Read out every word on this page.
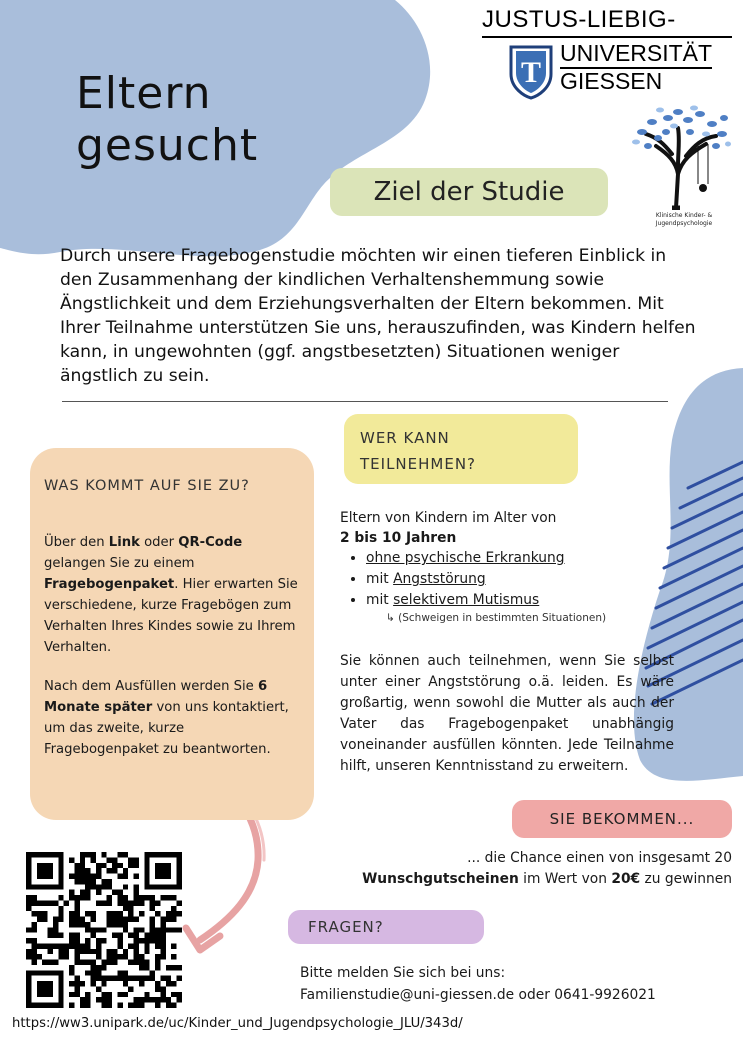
JUSTUS-LIEBIG-
T
UNIVERSITÄT
GIESSEN
Klinische Kinder- &
Jugendpsychologie
Eltern
gesucht
Ziel der Studie
Durch unsere Fragebogenstudie möchten wir einen tieferen Einblick in den Zusammenhang der kindlichen Verhaltenshemmung sowie Ängstlichkeit und dem Erziehungsverhalten der Eltern bekommen. Mit Ihrer Teilnahme unterstützen Sie uns, herauszufinden, was Kindern helfen kann, in ungewohnten (ggf. angstbesetzten) Situationen weniger ängstlich zu sein.
WER KANN
TEILNEHMEN?
WAS KOMMT AUF SIE ZU?
Über den Link oder QR-Code gelangen Sie zu einem Fragebogenpaket. Hier erwarten Sie verschiedene, kurze Fragebögen zum Verhalten Ihres Kindes sowie zu Ihrem Verhalten.
Nach dem Ausfüllen werden Sie 6 Monate später von uns kontaktiert, um das zweite, kurze Fragebogenpaket zu beantworten.
Eltern von Kindern im Alter von
2 bis 10 Jahren
• ohne psychische Erkrankung
• mit Angststörung
• mit selektivem Mutismus
↳ (Schweigen in bestimmten Situationen)
Sie können auch teilnehmen, wenn Sie selbst unter einer Angststörung o.ä. leiden. Es wäre großartig, wenn sowohl die Mutter als auch der Vater das Fragebogenpaket unabhängig voneinander ausfüllen könnten. Jede Teilnahme hilft, unseren Kenntnisstand zu erweitern.
SIE BEKOMMEN...
... die Chance einen von insgesamt 20
Wunschgutscheinen im Wert von 20€ zu gewinnen
FRAGEN?
Bitte melden Sie sich bei uns:
Familienstudie@uni-giessen.de oder 0641-9926021
https://ww3.unipark.de/uc/Kinder_und_Jugendpsychologie_JLU/343d/
